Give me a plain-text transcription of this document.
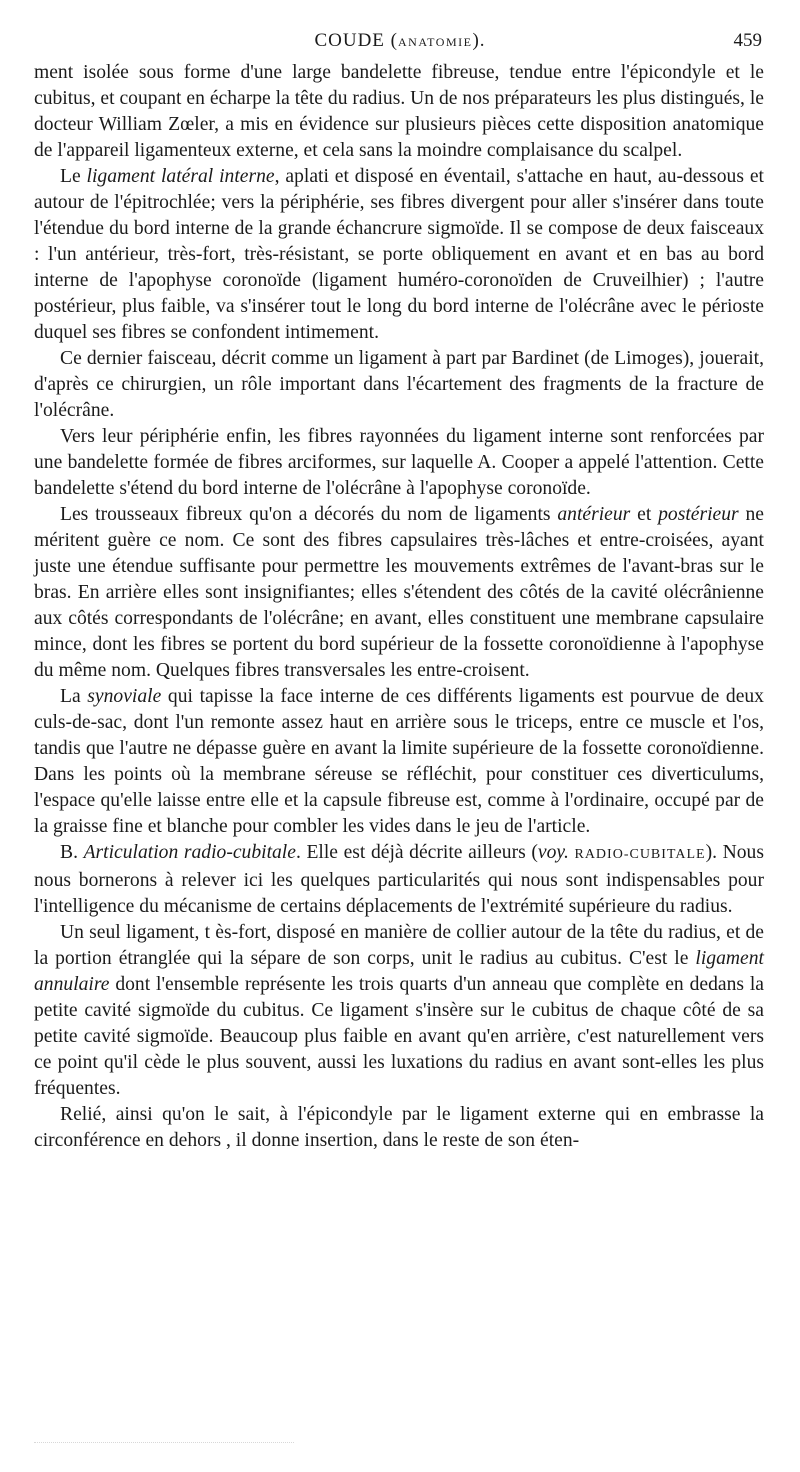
COUDE (ANATOMIE).	459

ment isolée sous forme d'une large bandelette fibreuse, tendue entre l'épicondyle et le cubitus, et coupant en écharpe la tête du radius. Un de nos préparateurs les plus distingués, le docteur William Zœler, a mis en évidence sur plusieurs pièces cette disposition anatomique de l'appareil ligamenteux externe, et cela sans la moindre complaisance du scalpel.

Le ligament latéral interne, aplati et disposé en éventail, s'attache en haut, au-dessous et autour de l'épitrochlée; vers la périphérie, ses fibres divergent pour aller s'insérer dans toute l'étendue du bord interne de la grande échancrure sigmoïde. Il se compose de deux faisceaux : l'un antérieur, très-fort, très-résistant, se porte obliquement en avant et en bas au bord interne de l'apophyse coronoïde (ligament huméro-coronoïden de Cruveilhier) ; l'autre postérieur, plus faible, va s'insérer tout le long du bord interne de l'olécrâne avec le périoste duquel ses fibres se confondent intimement.

Ce dernier faisceau, décrit comme un ligament à part par Bardinet (de Limoges), jouerait, d'après ce chirurgien, un rôle important dans l'écartement des fragments de la fracture de l'olécrâne.

Vers leur périphérie enfin, les fibres rayonnées du ligament interne sont renforcées par une bandelette formée de fibres arciformes, sur laquelle A. Cooper a appelé l'attention. Cette bandelette s'étend du bord interne de l'olécrâne à l'apophyse coronoïde.

Les trousseaux fibreux qu'on a décorés du nom de ligaments antérieur et postérieur ne méritent guère ce nom. Ce sont des fibres capsulaires très-lâches et entre-croisées, ayant juste une étendue suffisante pour permettre les mouvements extrêmes de l'avant-bras sur le bras. En arrière elles sont insignifiantes; elles s'étendent des côtés de la cavité olécrânienne aux côtés correspondants de l'olécrâne; en avant, elles constituent une membrane capsulaire mince, dont les fibres se portent du bord supérieur de la fossette coronoïdienne à l'apophyse du même nom. Quelques fibres transversales les entre-croisent.

La synoviale qui tapisse la face interne de ces différents ligaments est pourvue de deux culs-de-sac, dont l'un remonte assez haut en arrière sous le triceps, entre ce muscle et l'os, tandis que l'autre ne dépasse guère en avant la limite supérieure de la fossette coronoïdienne. Dans les points où la membrane séreuse se réfléchit, pour constituer ces diverticulums, l'espace qu'elle laisse entre elle et la capsule fibreuse est, comme à l'ordinaire, occupé par de la graisse fine et blanche pour combler les vides dans le jeu de l'article.

B. Articulation radio-cubitale. Elle est déjà décrite ailleurs (voy. RADIO-CUBITALE). Nous nous bornerons à relever ici les quelques particularités qui nous sont indispensables pour l'intelligence du mécanisme de certains déplacements de l'extrémité supérieure du radius.

Un seul ligament, t ès-fort, disposé en manière de collier autour de la tête du radius, et de la portion étranglée qui la sépare de son corps, unit le radius au cubitus. C'est le ligament annulaire dont l'ensemble représente les trois quarts d'un anneau que complète en dedans la petite cavité sigmoïde du cubitus. Ce ligament s'insère sur le cubitus de chaque côté de sa petite cavité sigmoïde. Beaucoup plus faible en avant qu'en arrière, c'est naturellement vers ce point qu'il cède le plus souvent, aussi les luxations du radius en avant sont-elles les plus fréquentes.

Relié, ainsi qu'on le sait, à l'épicondyle par le ligament externe qui en embrasse la circonférence en dehors , il donne insertion, dans le reste de son éten-
